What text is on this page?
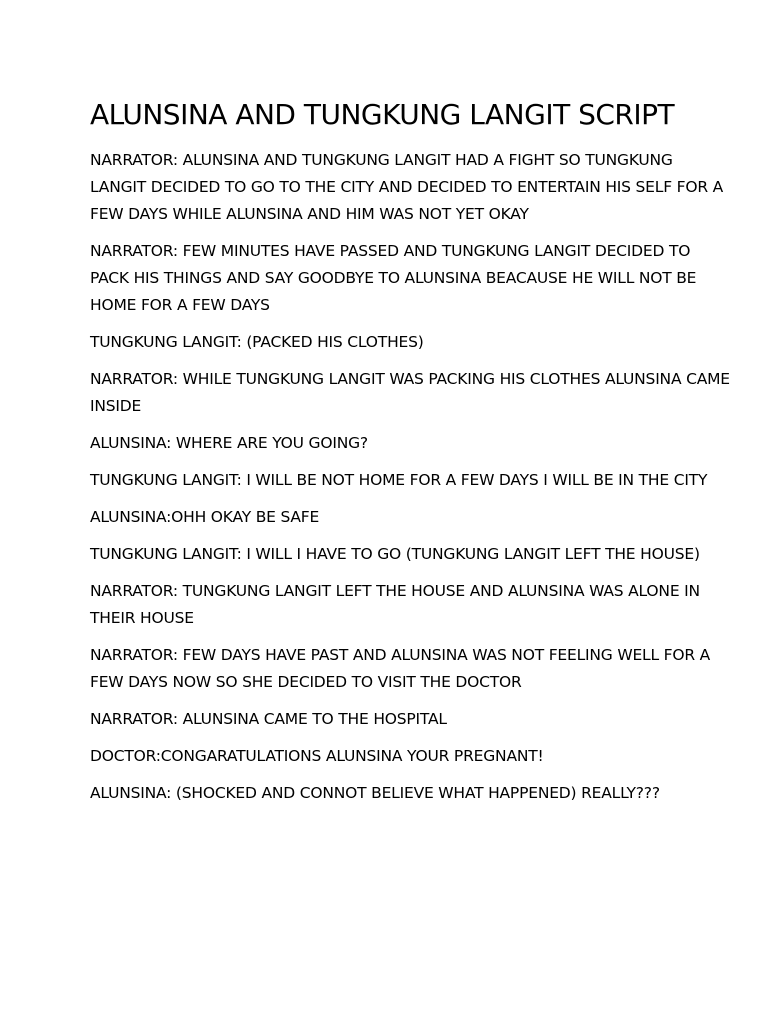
ALUNSINA AND TUNGKUNG LANGIT SCRIPT

NARRATOR: ALUNSINA AND TUNGKUNG LANGIT HAD A FIGHT SO TUNGKUNG LANGIT DECIDED TO GO TO THE CITY AND DECIDED TO ENTERTAIN HIS SELF FOR A FEW DAYS WHILE ALUNSINA AND HIM WAS NOT YET OKAY

NARRATOR: FEW MINUTES HAVE PASSED AND TUNGKUNG LANGIT DECIDED TO PACK HIS THINGS AND SAY GOODBYE TO ALUNSINA BEACAUSE HE WILL NOT BE HOME FOR A FEW DAYS

TUNGKUNG LANGIT: (PACKED HIS CLOTHES)

NARRATOR: WHILE TUNGKUNG LANGIT WAS PACKING HIS CLOTHES ALUNSINA CAME INSIDE

ALUNSINA: WHERE ARE YOU GOING?

TUNGKUNG LANGIT: I WILL BE NOT HOME FOR A FEW DAYS I WILL BE IN THE CITY

ALUNSINA:OHH OKAY BE SAFE

TUNGKUNG LANGIT: I WILL I HAVE TO GO (TUNGKUNG LANGIT LEFT THE HOUSE)

NARRATOR: TUNGKUNG LANGIT LEFT THE HOUSE AND ALUNSINA WAS ALONE IN THEIR HOUSE

NARRATOR: FEW DAYS HAVE PAST AND ALUNSINA WAS NOT FEELING WELL FOR A FEW DAYS NOW SO SHE DECIDED TO VISIT THE DOCTOR

NARRATOR: ALUNSINA CAME TO THE HOSPITAL

DOCTOR:CONGARATULATIONS ALUNSINA YOUR PREGNANT!

ALUNSINA: (SHOCKED AND CONNOT BELIEVE WHAT HAPPENED) REALLY???
